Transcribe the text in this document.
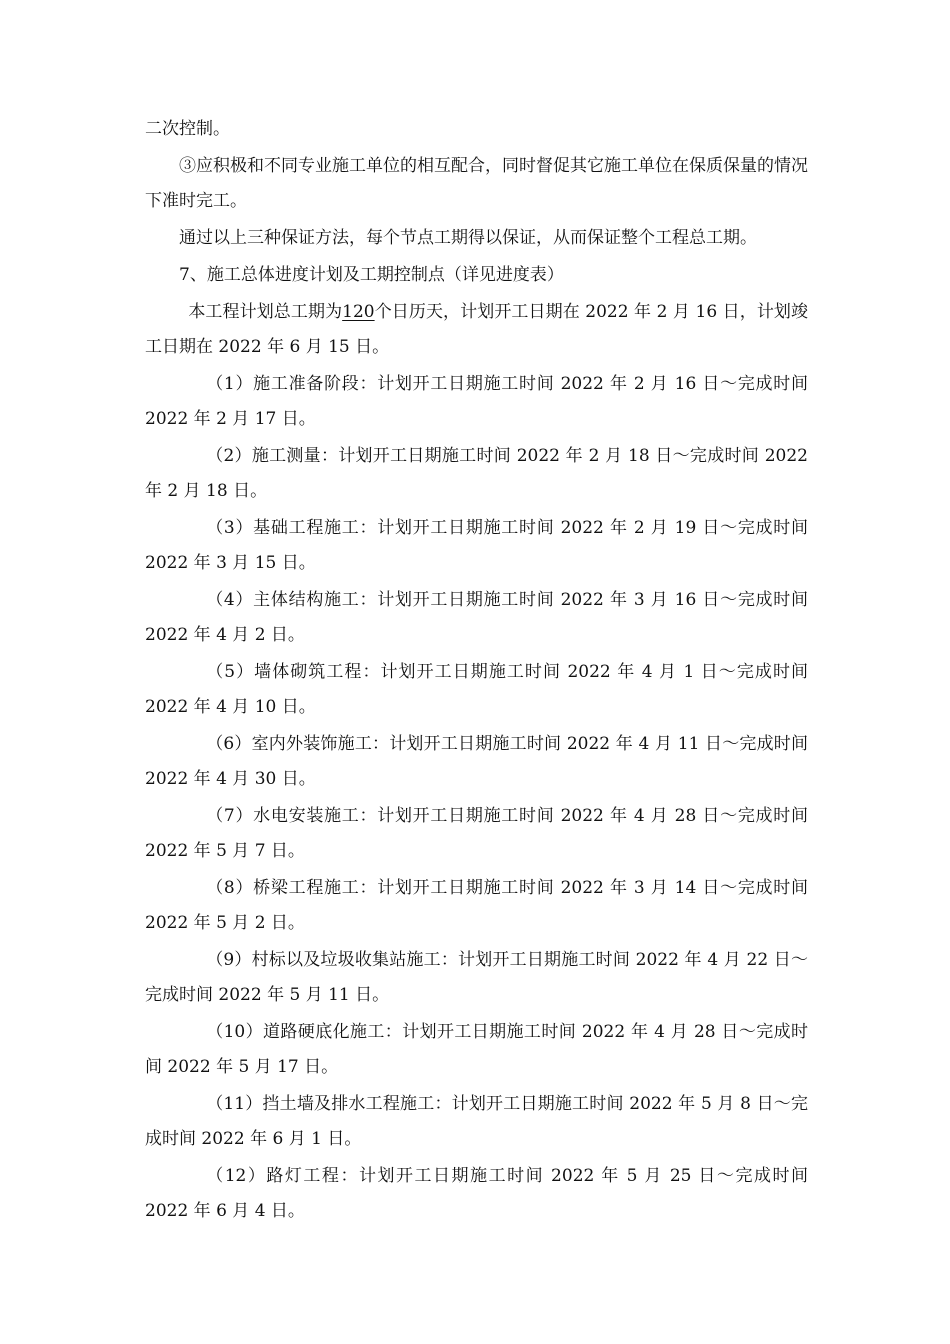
二次控制。

③应积极和不同专业施工单位的相互配合，同时督促其它施工单位在保质保量的情况下准时完工。

通过以上三种保证方法，每个节点工期得以保证，从而保证整个工程总工期。

7、施工总体进度计划及工期控制点（详见进度表）

本工程计划总工期为120个日历天，计划开工日期在 2022 年 2 月 16 日，计划竣工日期在 2022 年 6 月 15 日。

（1）施工准备阶段：计划开工日期施工时间 2022 年 2 月 16 日～完成时间 2022 年 2 月 17 日。

（2）施工测量：计划开工日期施工时间 2022 年 2 月 18 日～完成时间 2022 年 2 月 18 日。

（3）基础工程施工：计划开工日期施工时间 2022 年 2 月 19 日～完成时间 2022 年 3 月 15 日。

（4）主体结构施工：计划开工日期施工时间 2022 年 3 月 16 日～完成时间 2022 年 4 月 2 日。

（5）墙体砌筑工程：计划开工日期施工时间 2022 年 4 月 1 日～完成时间 2022 年 4 月 10 日。

（6）室内外装饰施工：计划开工日期施工时间 2022 年 4 月 11 日～完成时间 2022 年 4 月 30 日。

（7）水电安装施工：计划开工日期施工时间 2022 年 4 月 28 日～完成时间 2022 年 5 月 7 日。

（8）桥梁工程施工：计划开工日期施工时间 2022 年 3 月 14 日～完成时间 2022 年 5 月 2 日。

（9）村标以及垃圾收集站施工：计划开工日期施工时间 2022 年 4 月 22 日～完成时间 2022 年 5 月 11 日。

（10）道路硬底化施工：计划开工日期施工时间 2022 年 4 月 28 日～完成时间 2022 年 5 月 17 日。

（11）挡土墙及排水工程施工：计划开工日期施工时间 2022 年 5 月 8 日～完成时间 2022 年 6 月 1 日。

（12）路灯工程：计划开工日期施工时间 2022 年 5 月 25 日～完成时间 2022 年 6 月 4 日。
